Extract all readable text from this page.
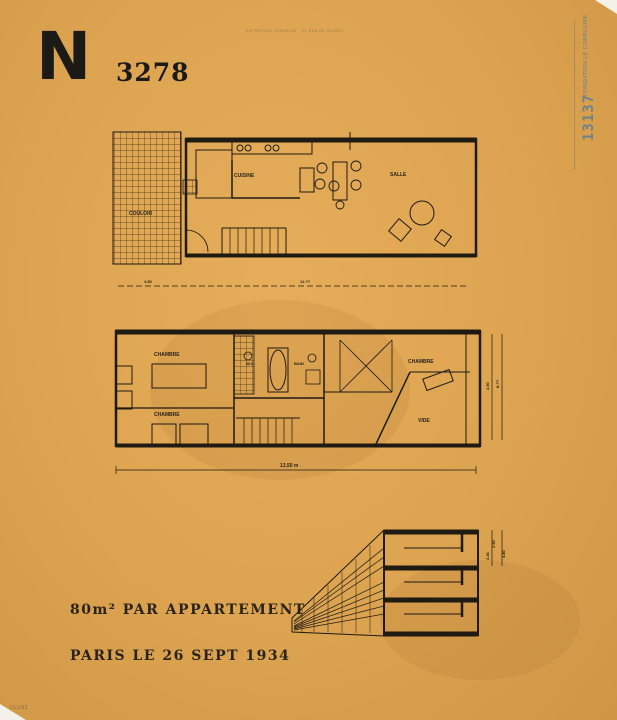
N 3278
ENTREPRISE GENERALE · 35 RUE DE SEVRES	FONDATION LE CORBUSIER
13137
COULOIR
CUISINE	SALLE
4.50	11.??
CHAMBRE
CHAMBRE
W.C	BAIN	CHAMBRE
VIDE
13,50 m
8.??
2.50
2.26
2.50
4.80
80m² PAR APPARTEMENT
PARIS LE 26 SEPT 1934
I/11/93
